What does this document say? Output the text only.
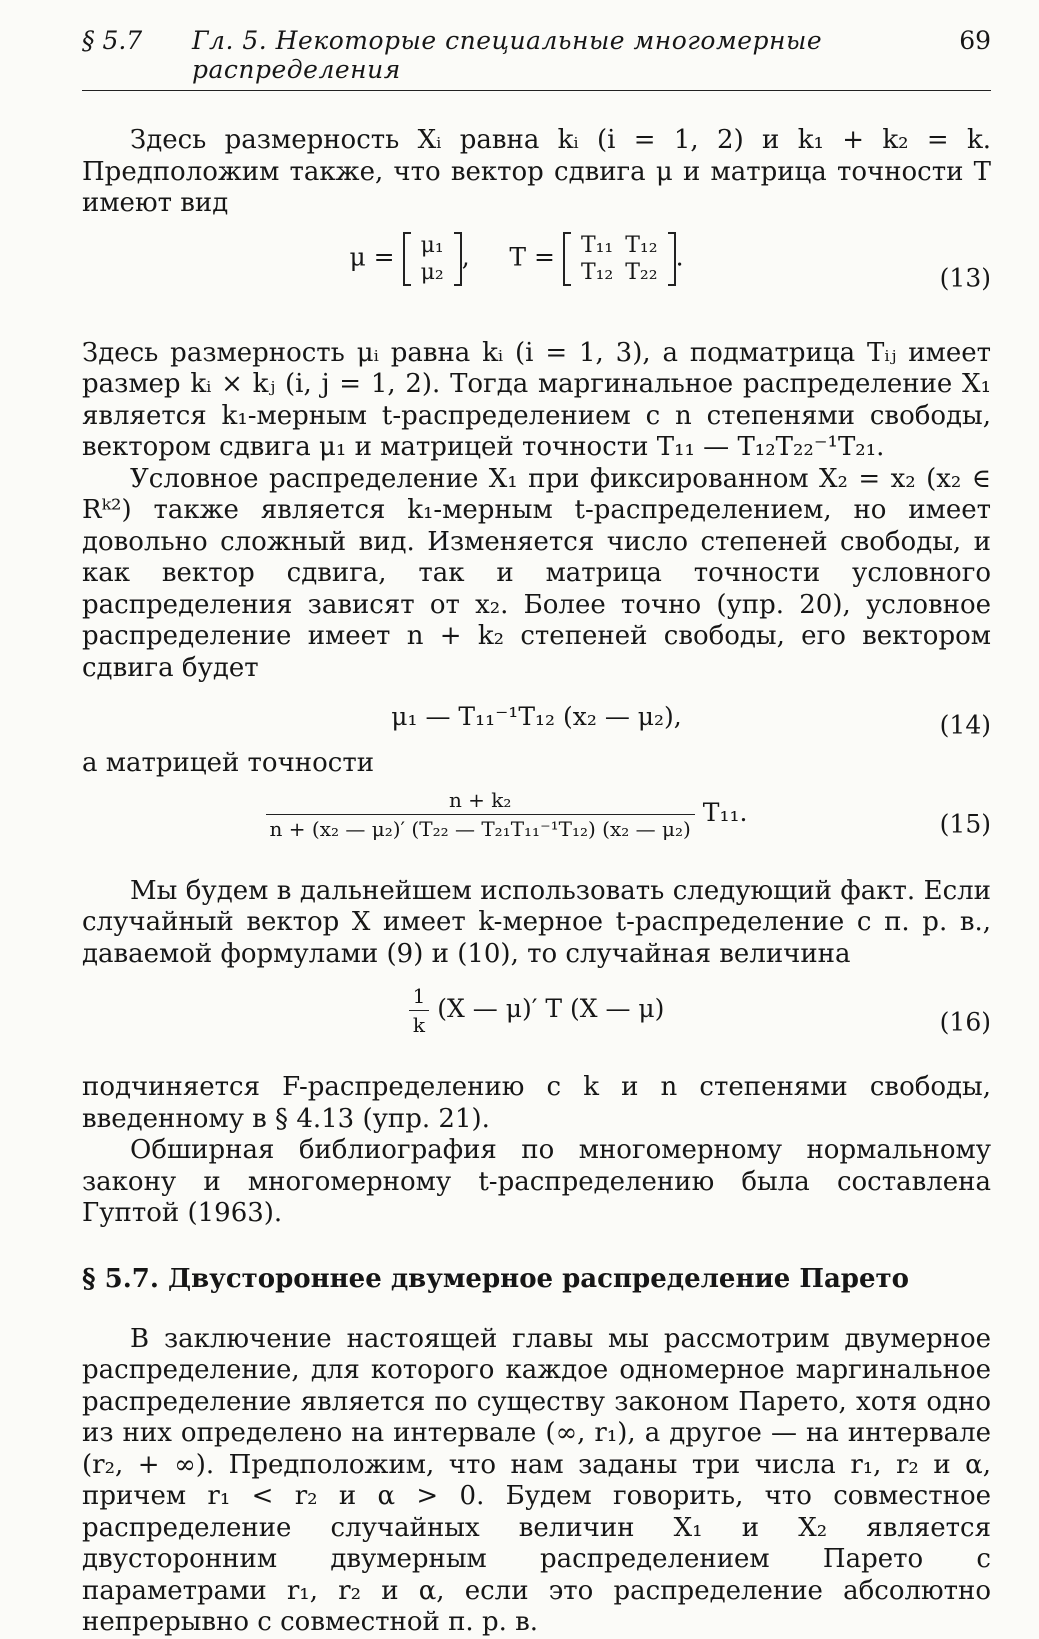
§ 5.7	Гл. 5. Некоторые специальные многомерные распределения
69

Здесь размерность Xᵢ равна kᵢ (i = 1, 2) и k₁ + k₂ = k. Предположим также, что вектор сдвига μ и матрица точности T имеют вид

μ = μ₁
μ₂
,     T = T₁₁	T₁₂
T₁₂	T₂₂
.
(13)

Здесь размерность μᵢ равна kᵢ (i = 1, 3), а подматрица Tᵢⱼ имеет размер kᵢ × kⱼ (i, j = 1, 2). Тогда маргинальное распределение X₁ является k₁-мерным t-распределением с n степенями свободы, вектором сдвига μ₁ и матрицей точности T₁₁ — T₁₂T₂₂⁻¹T₂₁.

Условное распределение X₁ при фиксированном X₂ = x₂ (x₂ ∈ Rᵏ²) также является k₁-мерным t-распределением, но имеет довольно сложный вид. Изменяется число степеней свободы, и как вектор сдвига, так и матрица точности условного распределения зависят от x₂. Более точно (упр. 20), условное распределение имеет n + k₂ степеней свободы, его вектором сдвига будет

μ₁ — T₁₁⁻¹T₁₂ (x₂ — μ₂),	(14)

а матрицей точности

$\frac{\text{n + k₂}}{\text{n + (x₂ — μ₂)′ (T₂₂ — T₂₁T₁₁⁻¹T₁₂) (x₂ — μ₂)}} T_{11}$.	(15)

Мы будем в дальнейшем использовать следующий факт. Если случайный вектор X имеет k-мерное t-распределение с п. р. в., даваемой формулами (9) и (10), то случайная величина

$\frac{1}{k} (X$ — μ)′ T (X — μ)	(16)

подчиняется F-распределению с k и n степенями свободы, введенному в § 4.13 (упр. 21).

Обширная библиография по многомерному нормальному закону и многомерному t-распределению была составлена Гуптой (1963).

§ 5.7. Двустороннее двумерное распределение Парето

В заключение настоящей главы мы рассмотрим двумерное распределение, для которого каждое одномерное маргинальное распределение является по существу законом Парето, хотя одно из них определено на интервале (∞, r₁), а другое — на интервале (r₂, + ∞). Предположим, что нам заданы три числа r₁, r₂ и α, причем r₁ < r₂ и α > 0. Будем говорить, что совместное распределение случайных величин X₁ и X₂ является двусторонним двумерным распределением Парето с параметрами r₁, r₂ и α, если это распределение абсолютно непрерывно с совместной п. р. в.
